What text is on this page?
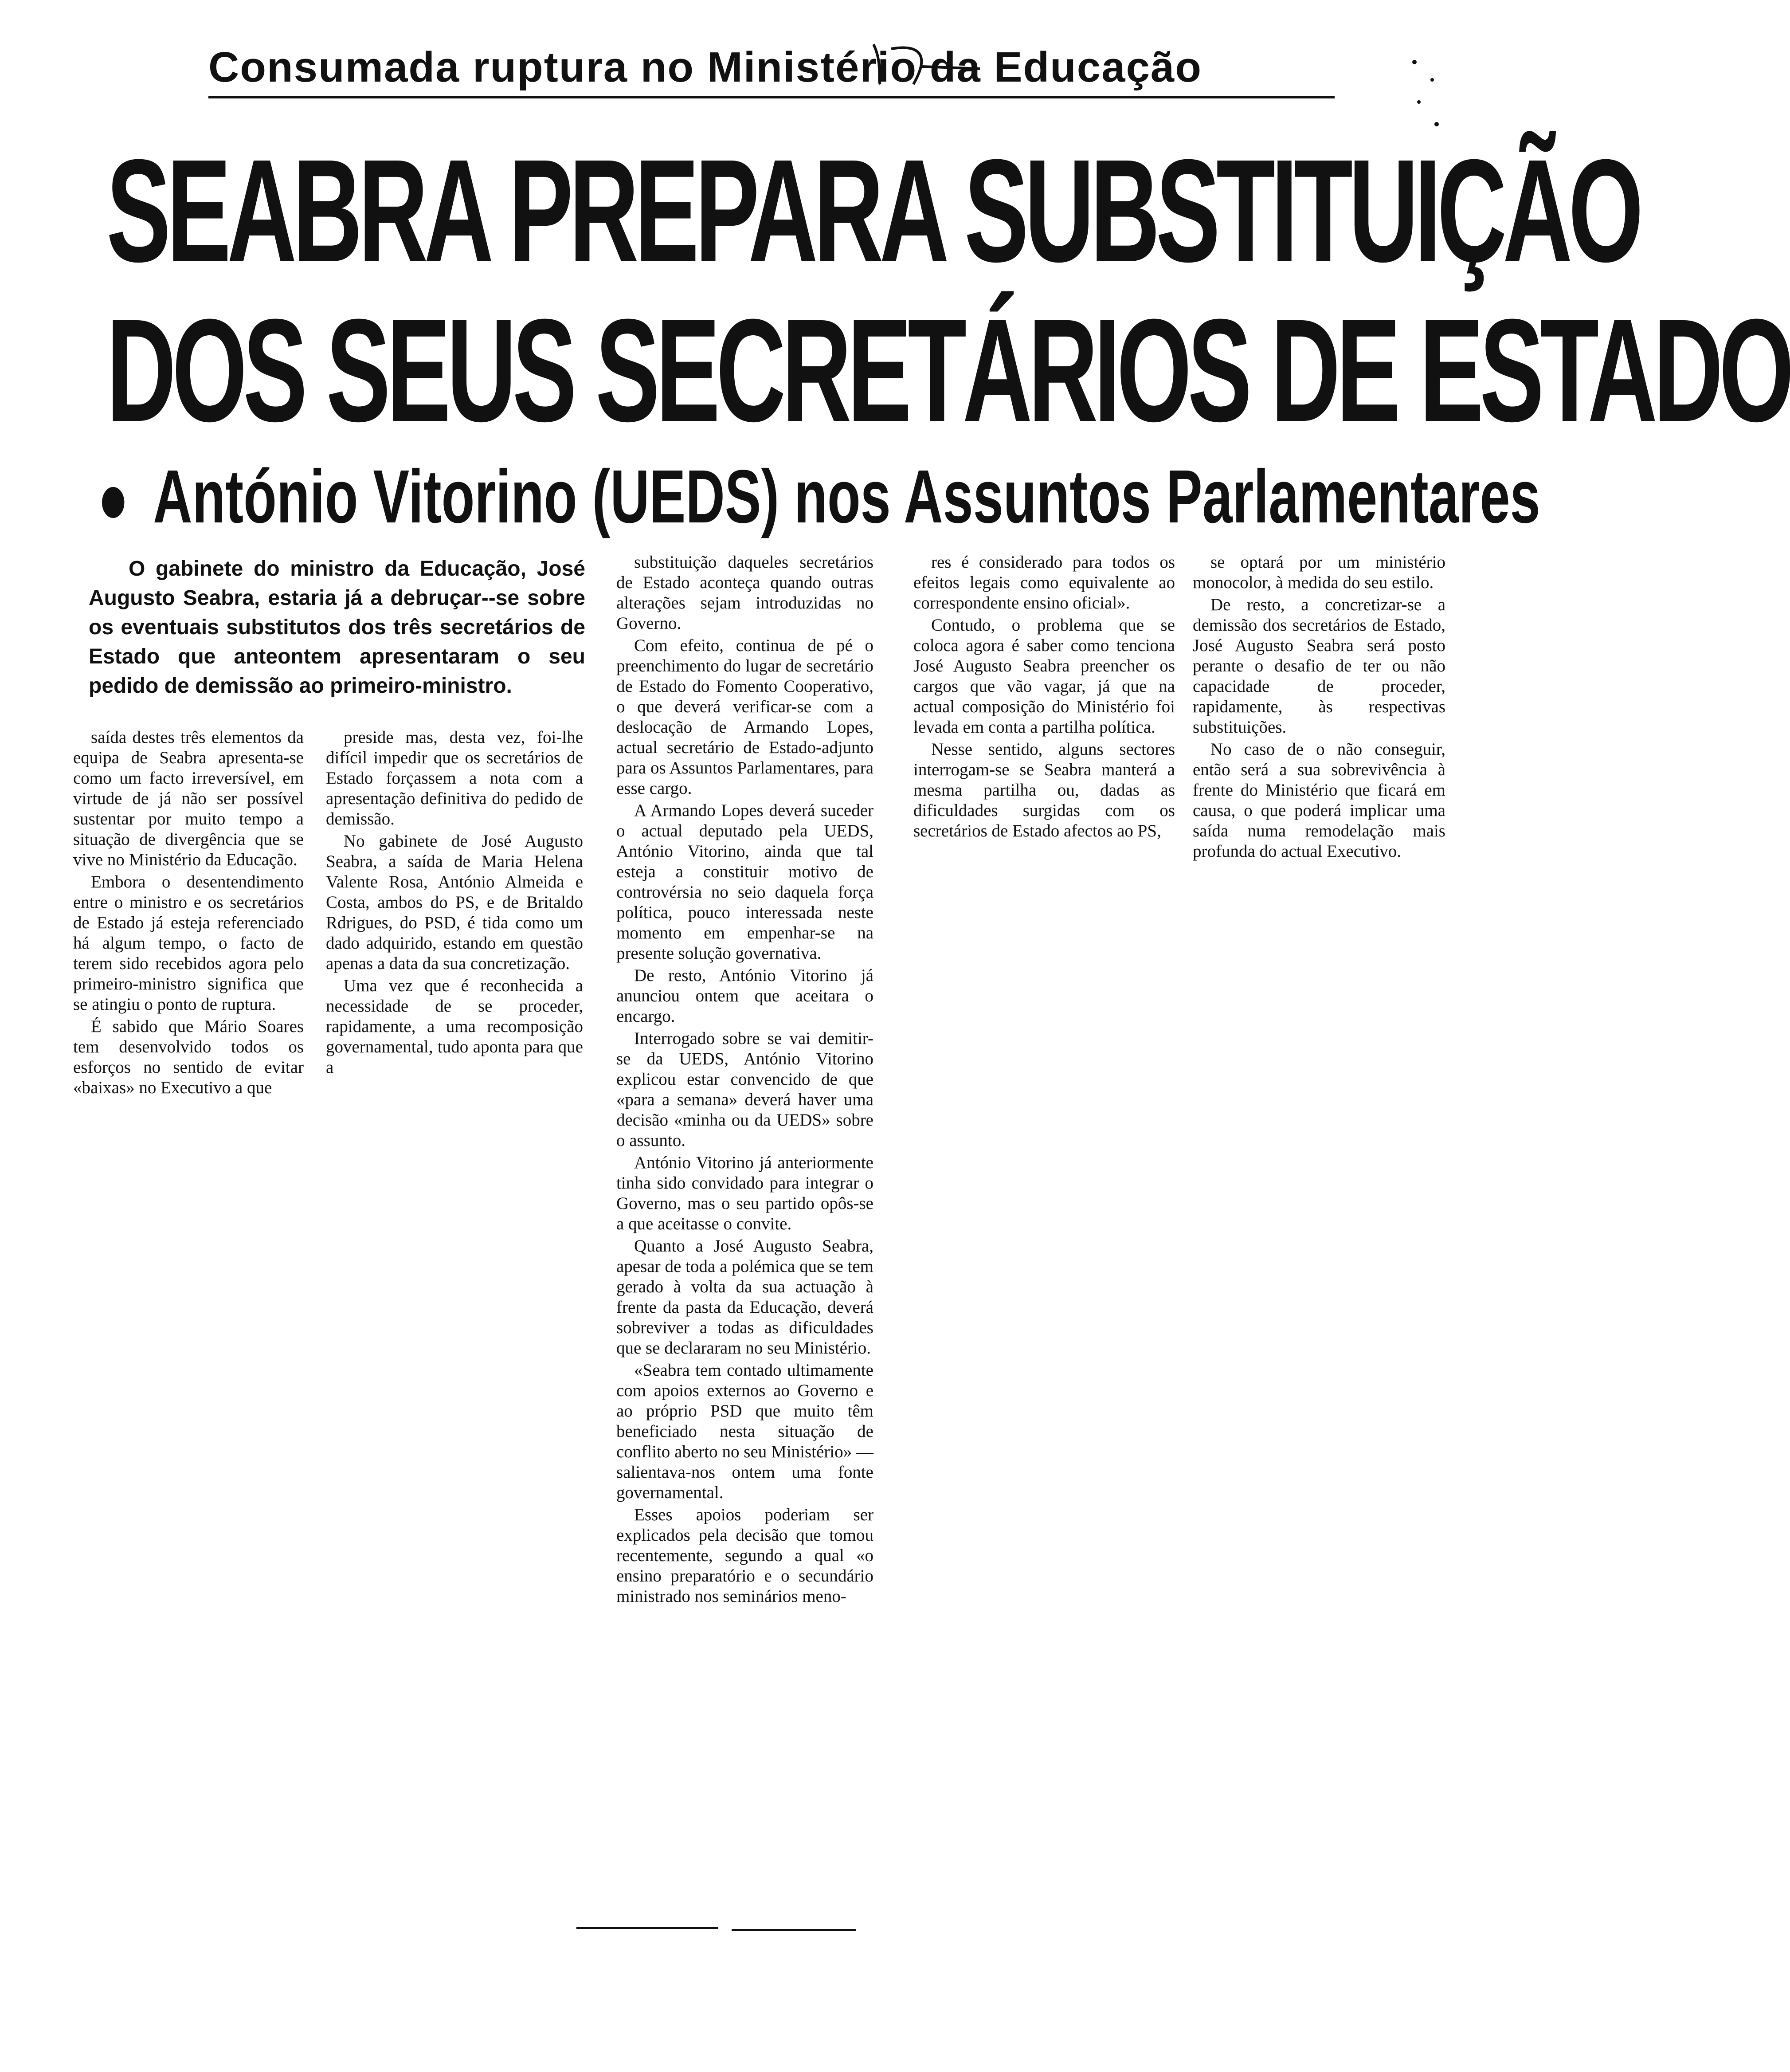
Consumada ruptura no Ministério da Educação
SEABRA PREPARA SUBSTITUIÇÃO
DOS SEUS SECRETÁRIOS DE ESTADO
António Vitorino (UEDS) nos Assuntos Parlamentares
O gabinete do ministro da Educação, José Augusto Seabra, estaria já a debruçar--se sobre os eventuais substitutos dos três secretários de Estado que anteontem apresentaram o seu pedido de demissão ao primeiro-ministro.

saída destes três elementos da equipa de Seabra apresenta-se como um facto irreversível, em virtude de já não ser possível sustentar por muito tempo a situação de divergência que se vive no Ministério da Educação.

Embora o desentendimento entre o ministro e os secretários de Estado já esteja referenciado há algum tempo, o facto de terem sido recebidos agora pelo primeiro-ministro significa que se atingiu o ponto de ruptura.

É sabido que Mário Soares tem desenvolvido todos os esforços no sentido de evitar «baixas» no Executivo a que

preside mas, desta vez, foi-lhe difícil impedir que os secretários de Estado forçassem a nota com a apresentação definitiva do pedido de demissão.

No gabinete de José Augusto Seabra, a saída de Maria Helena Valente Rosa, António Almeida e Costa, ambos do PS, e de Britaldo Rdrigues, do PSD, é tida como um dado adquirido, estando em questão apenas a data da sua concretização.

Uma vez que é reconhecida a necessidade de se proceder, rapidamente, a uma recomposição governamental, tudo aponta para que a

substituição daqueles secretários de Estado aconteça quando outras alterações sejam introduzidas no Governo.

Com efeito, continua de pé o preenchimento do lugar de secretário de Estado do Fomento Cooperativo, o que deverá verificar-se com a deslocação de Armando Lopes, actual secretário de Estado-adjunto para os Assuntos Parlamentares, para esse cargo.

A Armando Lopes deverá suceder o actual deputado pela UEDS, António Vitorino, ainda que tal esteja a constituir motivo de controvérsia no seio daquela força política, pouco interessada neste momento em empenhar-se na presente solução governativa.

De resto, António Vitorino já anunciou ontem que aceitara o encargo.

Interrogado sobre se vai demitir-se da UEDS, António Vitorino explicou estar convencido de que «para a semana» deverá haver uma decisão «minha ou da UEDS» sobre o assunto.

António Vitorino já anteriormente tinha sido convidado para integrar o Governo, mas o seu partido opôs-se a que aceitasse o convite.

Quanto a José Augusto Seabra, apesar de toda a polémica que se tem gerado à volta da sua actuação à frente da pasta da Educação, deverá sobreviver a todas as dificuldades que se declararam no seu Ministério.

«Seabra tem contado ultimamente com apoios externos ao Governo e ao próprio PSD que muito têm beneficiado nesta situação de conflito aberto no seu Ministério» — salientava-nos ontem uma fonte governamental.

Esses apoios poderiam ser explicados pela decisão que tomou recentemente, segundo a qual «o ensino preparatório e o secundário ministrado nos seminários meno-

res é considerado para todos os efeitos legais como equivalente ao correspondente ensino oficial».

Contudo, o problema que se coloca agora é saber como tenciona José Augusto Seabra preencher os cargos que vão vagar, já que na actual composição do Ministério foi levada em conta a partilha política.

Nesse sentido, alguns sectores interrogam-se se Seabra manterá a mesma partilha ou, dadas as dificuldades surgidas com os secretários de Estado afectos ao PS,

se optará por um ministério monocolor, à medida do seu estilo.

De resto, a concretizar-se a demissão dos secretários de Estado, José Augusto Seabra será posto perante o desafio de ter ou não capacidade de proceder, rapidamente, às respectivas substituições.

No caso de o não conseguir, então será a sua sobrevivência à frente do Ministério que ficará em causa, o que poderá implicar uma saída numa remodelação mais profunda do actual Executivo.
